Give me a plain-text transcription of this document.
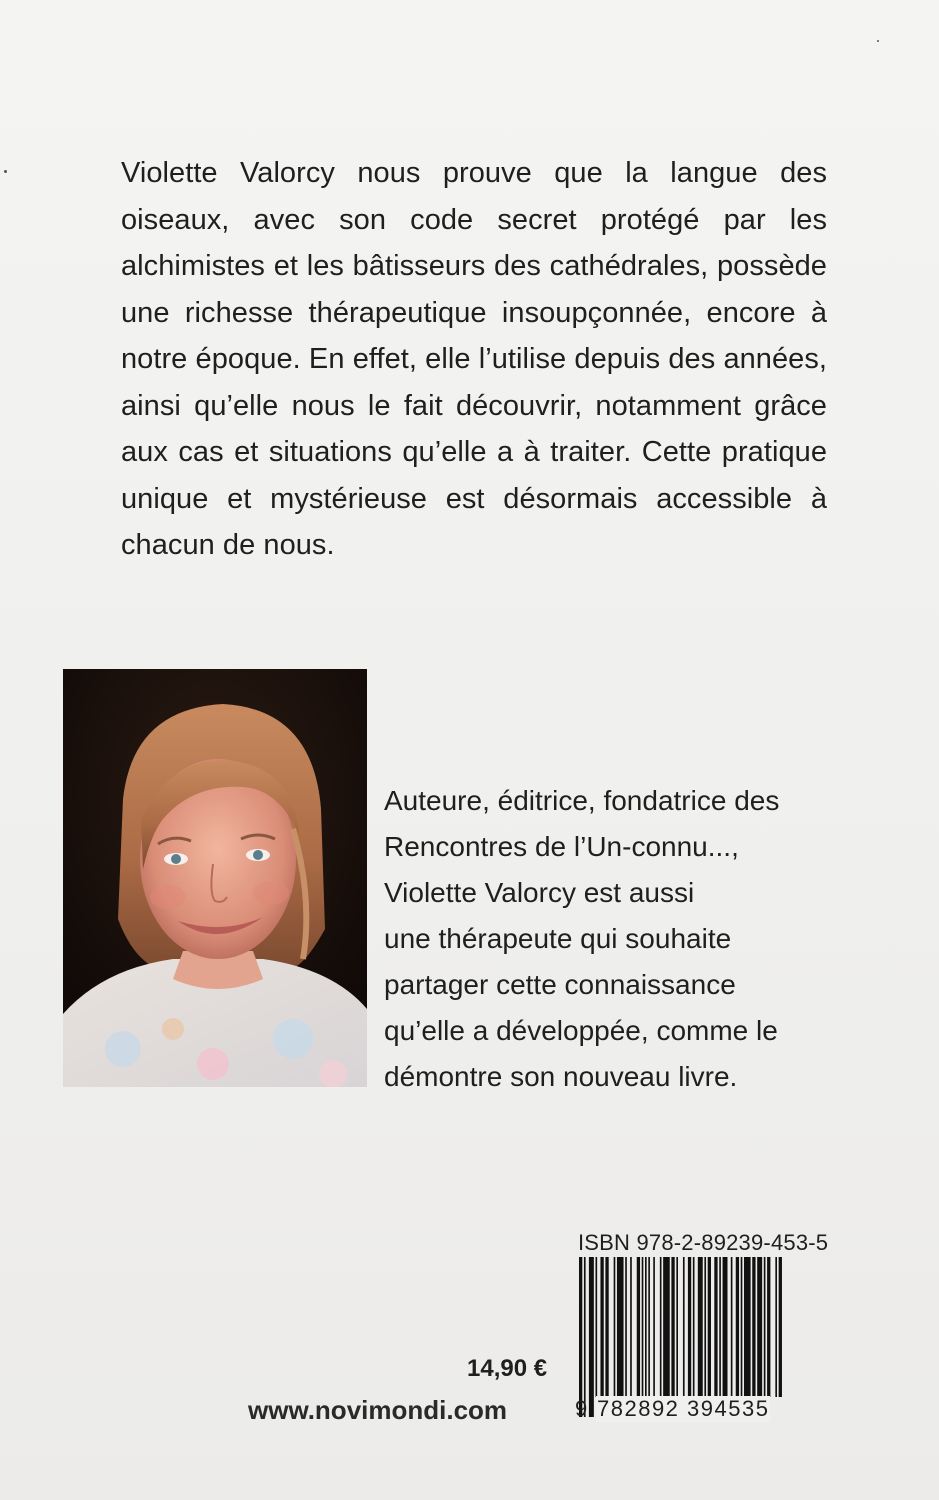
Violette Valorcy nous prouve que la langue des oiseaux, avec son code secret protégé par les alchimistes et les bâtisseurs des cathédrales, possède une richesse thérapeutique insoupçonnée, encore à notre époque. En effet, elle l’utilise depuis des années, ainsi qu’elle nous le fait découvrir, notamment grâce aux cas et situations qu’elle a à traiter. Cette pratique unique et mystérieuse est désormais accessible à chacun de nous.

Auteure, éditrice, fondatrice des
Rencontres de l’Un-connu...,
Violette Valorcy est aussi
une thérapeute qui souhaite
partager cette connaissance
qu’elle a développée, comme le
démontre son nouveau livre.
ISBN 978-2-89239-453-5
9 782892 394535
14,90 €
www.novimondi.com
